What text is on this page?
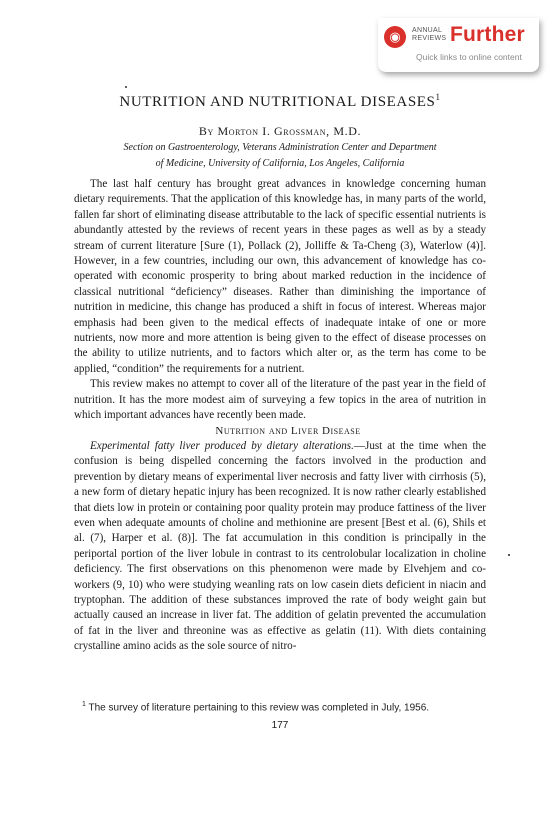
◉	ANNUAL
REVIEWS Further
Quick links to online content
NUTRITION AND NUTRITIONAL DISEASES$^1$
By Morton I. Grossman, M.D.
Section on Gastroenterology, Veterans Administration Center and Department
of Medicine, University of California, Los Angeles, California

The last half century has brought great advances in knowledge concerning human dietary requirements. That the application of this knowledge has, in many parts of the world, fallen far short of eliminating disease attributable to the lack of specific essential nutrients is abundantly attested by the reviews of recent years in these pages as well as by a steady stream of current literature [Sure (1), Pollack (2), Jolliffe & Ta-Cheng (3), Waterlow (4)]. However, in a few countries, including our own, this advancement of knowledge has co-operated with economic prosperity to bring about marked reduction in the incidence of classical nutritional “deficiency” diseases. Rather than diminishing the importance of nutrition in medicine, this change has produced a shift in focus of interest. Whereas major emphasis had been given to the medical effects of inadequate intake of one or more nutrients, now more and more attention is being given to the effect of disease processes on the ability to utilize nutrients, and to factors which alter or, as the term has come to be applied, “condition” the requirements for a nutrient.

This review makes no attempt to cover all of the literature of the past year in the field of nutrition. It has the more modest aim of surveying a few topics in the area of nutrition in which important advances have recently been made.

Nutrition and Liver Disease

Experimental fatty liver produced by dietary alterations.—Just at the time when the confusion is being dispelled concerning the factors involved in the production and prevention by dietary means of experimental liver necrosis and fatty liver with cirrhosis (5), a new form of dietary hepatic injury has been recognized. It is now rather clearly established that diets low in protein or containing poor quality protein may produce fattiness of the liver even when adequate amounts of choline and methionine are present [Best et al. (6), Shils et al. (7), Harper et al. (8)]. The fat accumulation in this condition is principally in the periportal portion of the liver lobule in contrast to its centrolobular localization in choline deficiency. The first observations on this phenomenon were made by Elvehjem and co-workers (9, 10) who were studying weanling rats on low casein diets deficient in niacin and tryptophan. The addition of these substances improved the rate of body weight gain but actually caused an increase in liver fat. The addition of gelatin prevented the accumulation of fat in the liver and threonine was as effective as gelatin (11). With diets containing crystalline amino acids as the sole source of nitro-

$^1$ The survey of literature pertaining to this review was completed in July, 1956.
177
